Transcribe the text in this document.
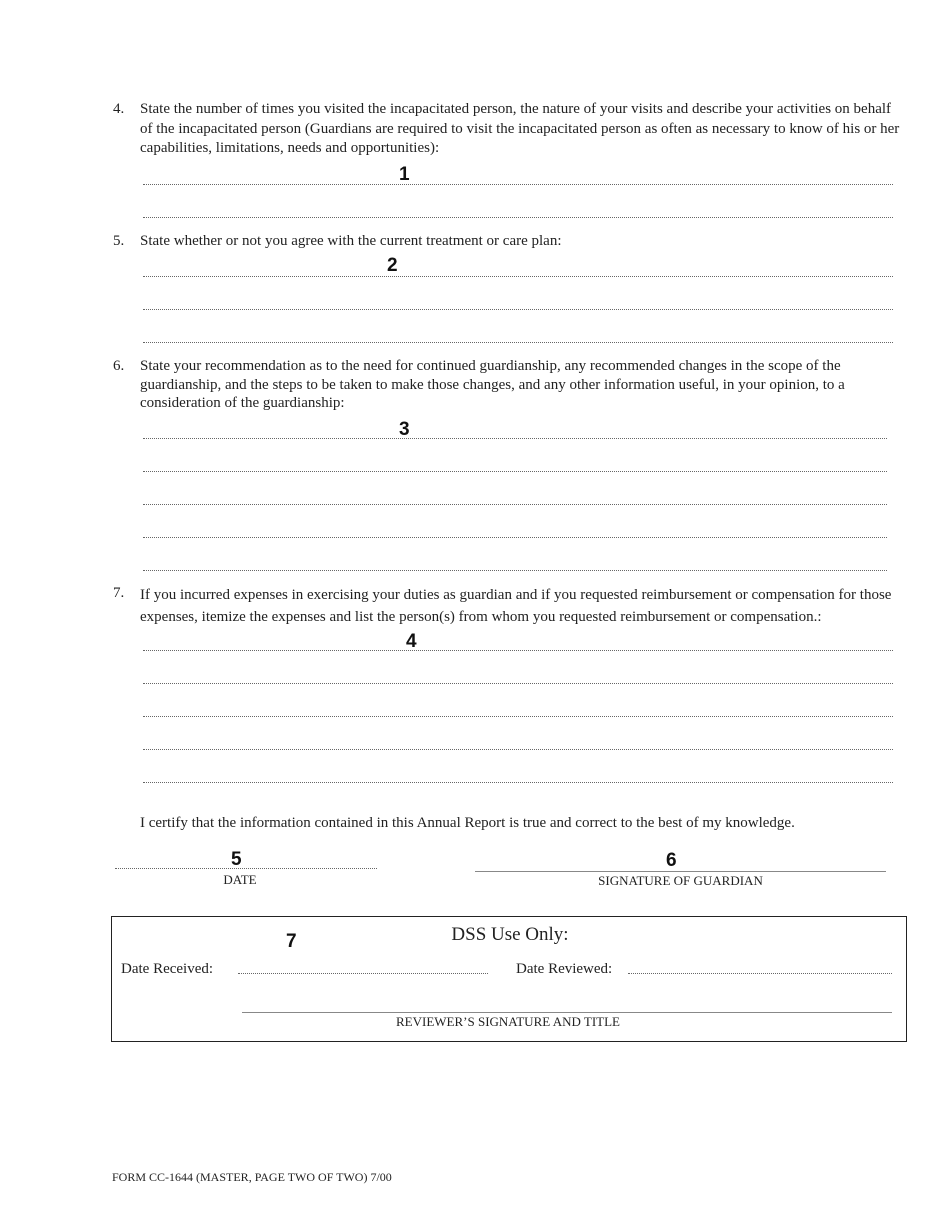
4.	State the number of times you visited the incapacitated person, the nature of your visits and describe your activities on behalf of the incapacitated person (Guardians are required to visit the incapacitated person as often as necessary to know of his or her capabilities, limitations, needs and opportunities):
1
5.	State whether or not you agree with the current treatment or care plan:
2
6.	State your recommendation as to the need for continued guardianship, any recommended changes in the scope of the guardianship, and the steps to be taken to make those changes, and any other information useful, in your opinion, to a consideration of the guardianship:
3
7.	If you incurred expenses in exercising your duties as guardian and if you requested reimbursement or compensation for those expenses, itemize the expenses and list the person(s) from whom you requested reimbursement or compensation.:
4
I certify that the information contained in this Annual Report is true and correct to the best of my knowledge.
5
DATE
6
SIGNATURE OF GUARDIAN
DSS Use Only:
7
Date Received:	Date Reviewed:
REVIEWER’S SIGNATURE AND TITLE
FORM CC-1644 (MASTER, PAGE TWO OF TWO) 7/00
